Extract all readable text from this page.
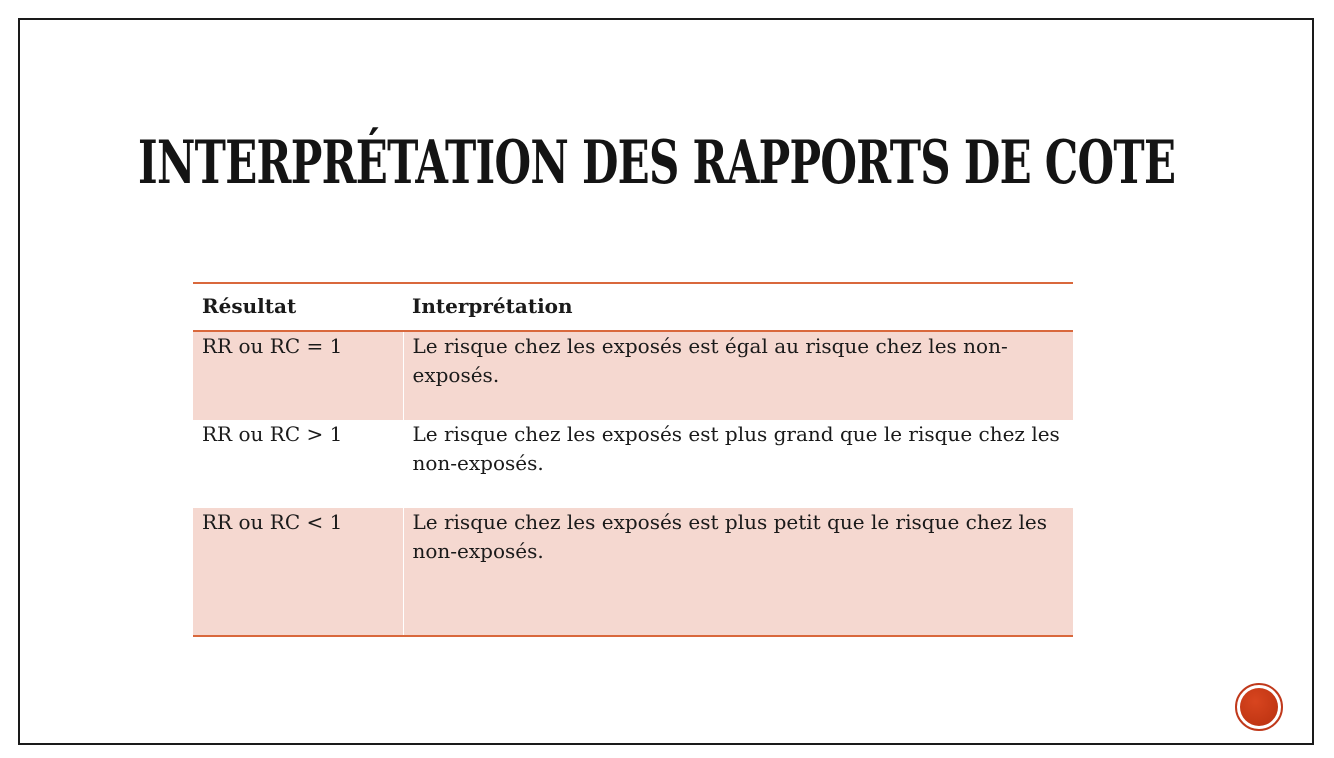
INTERPRÉTATION DES RAPPORTS DE COTE
Résultat	Interprétation
RR ou RC = 1	Le risque chez les exposés est égal au risque chez les non-exposés.
RR ou RC > 1	Le risque chez les exposés est plus grand que le risque chez les non-exposés.
RR ou RC < 1	Le risque chez les exposés est plus petit que le risque chez les non-exposés.
